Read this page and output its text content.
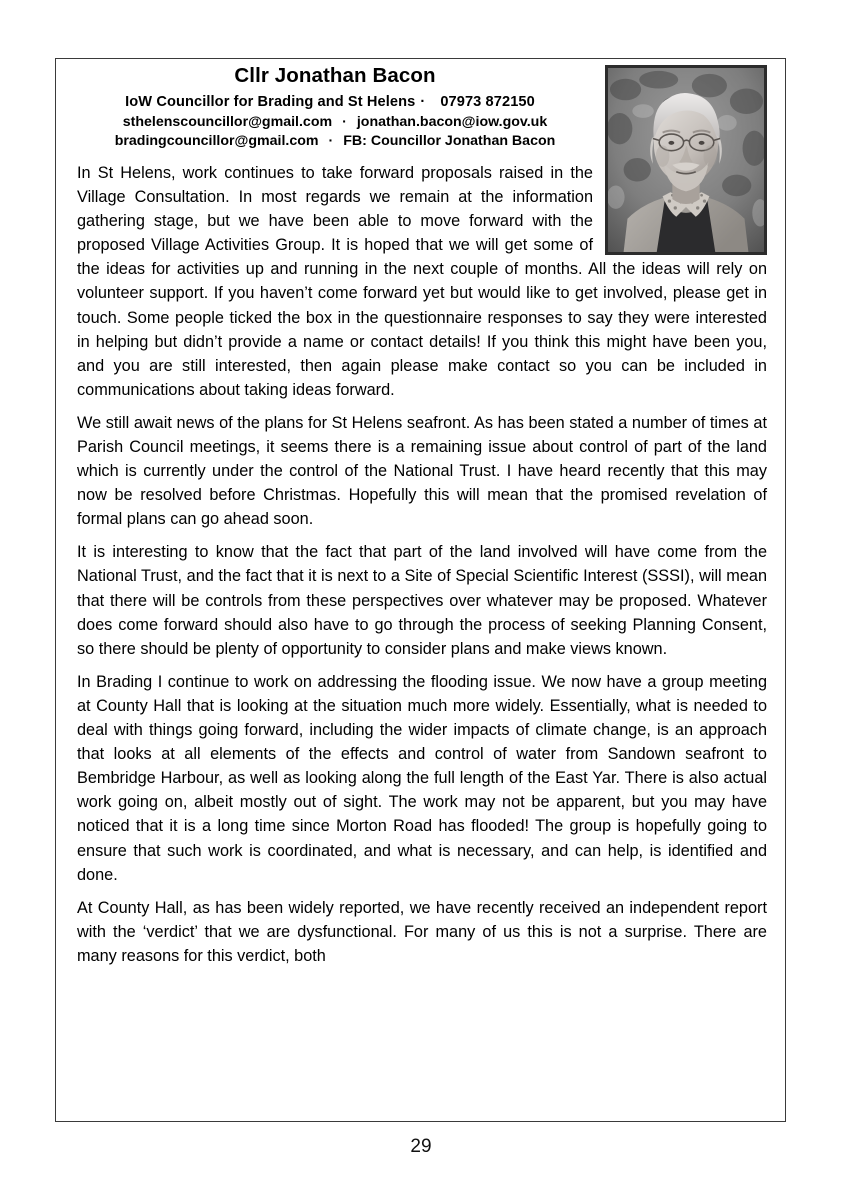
Cllr Jonathan Bacon
IoW Councillor for Brading and St Helens · 07973 872150
sthelenscouncillor@gmail.com · jonathan.bacon@iow.gov.uk
bradingcouncillor@gmail.com · FB: Councillor Jonathan Bacon

In St Helens, work continues to take forward proposals raised in the Village Consultation. In most regards we remain at the information gathering stage, but we have been able to move forward with the proposed Village Activities Group. It is hoped that we will get some of the ideas for activities up and running in the next couple of months. All the ideas will rely on volunteer support. If you haven’t come forward yet but would like to get involved, please get in touch. Some people ticked the box in the questionnaire responses to say they were interested in helping but didn’t provide a name or contact details! If you think this might have been you, and you are still interested, then again please make contact so you can be included in communications about taking ideas forward.

We still await news of the plans for St Helens seafront. As has been stated a number of times at Parish Council meetings, it seems there is a remaining issue about control of part of the land which is currently under the control of the National Trust. I have heard recently that this may now be resolved before Christmas. Hopefully this will mean that the promised revelation of formal plans can go ahead soon.

It is interesting to know that the fact that part of the land involved will have come from the National Trust, and the fact that it is next to a Site of Special Scientific Interest (SSSI), will mean that there will be controls from these perspectives over whatever may be proposed. Whatever does come forward should also have to go through the process of seeking Planning Consent, so there should be plenty of opportunity to consider plans and make views known.

In Brading I continue to work on addressing the flooding issue. We now have a group meeting at County Hall that is looking at the situation much more widely. Essentially, what is needed to deal with things going forward, including the wider impacts of climate change, is an approach that looks at all elements of the effects and control of water from Sandown seafront to Bembridge Harbour, as well as looking along the full length of the East Yar. There is also actual work going on, albeit mostly out of sight. The work may not be apparent, but you may have noticed that it is a long time since Morton Road has flooded! The group is hopefully going to ensure that such work is coordinated, and what is necessary, and can help, is identified and done.

At County Hall, as has been widely reported, we have recently received an independent report with the ‘verdict’ that we are dysfunctional. For many of us this is not a surprise. There are many reasons for this verdict, both

29
